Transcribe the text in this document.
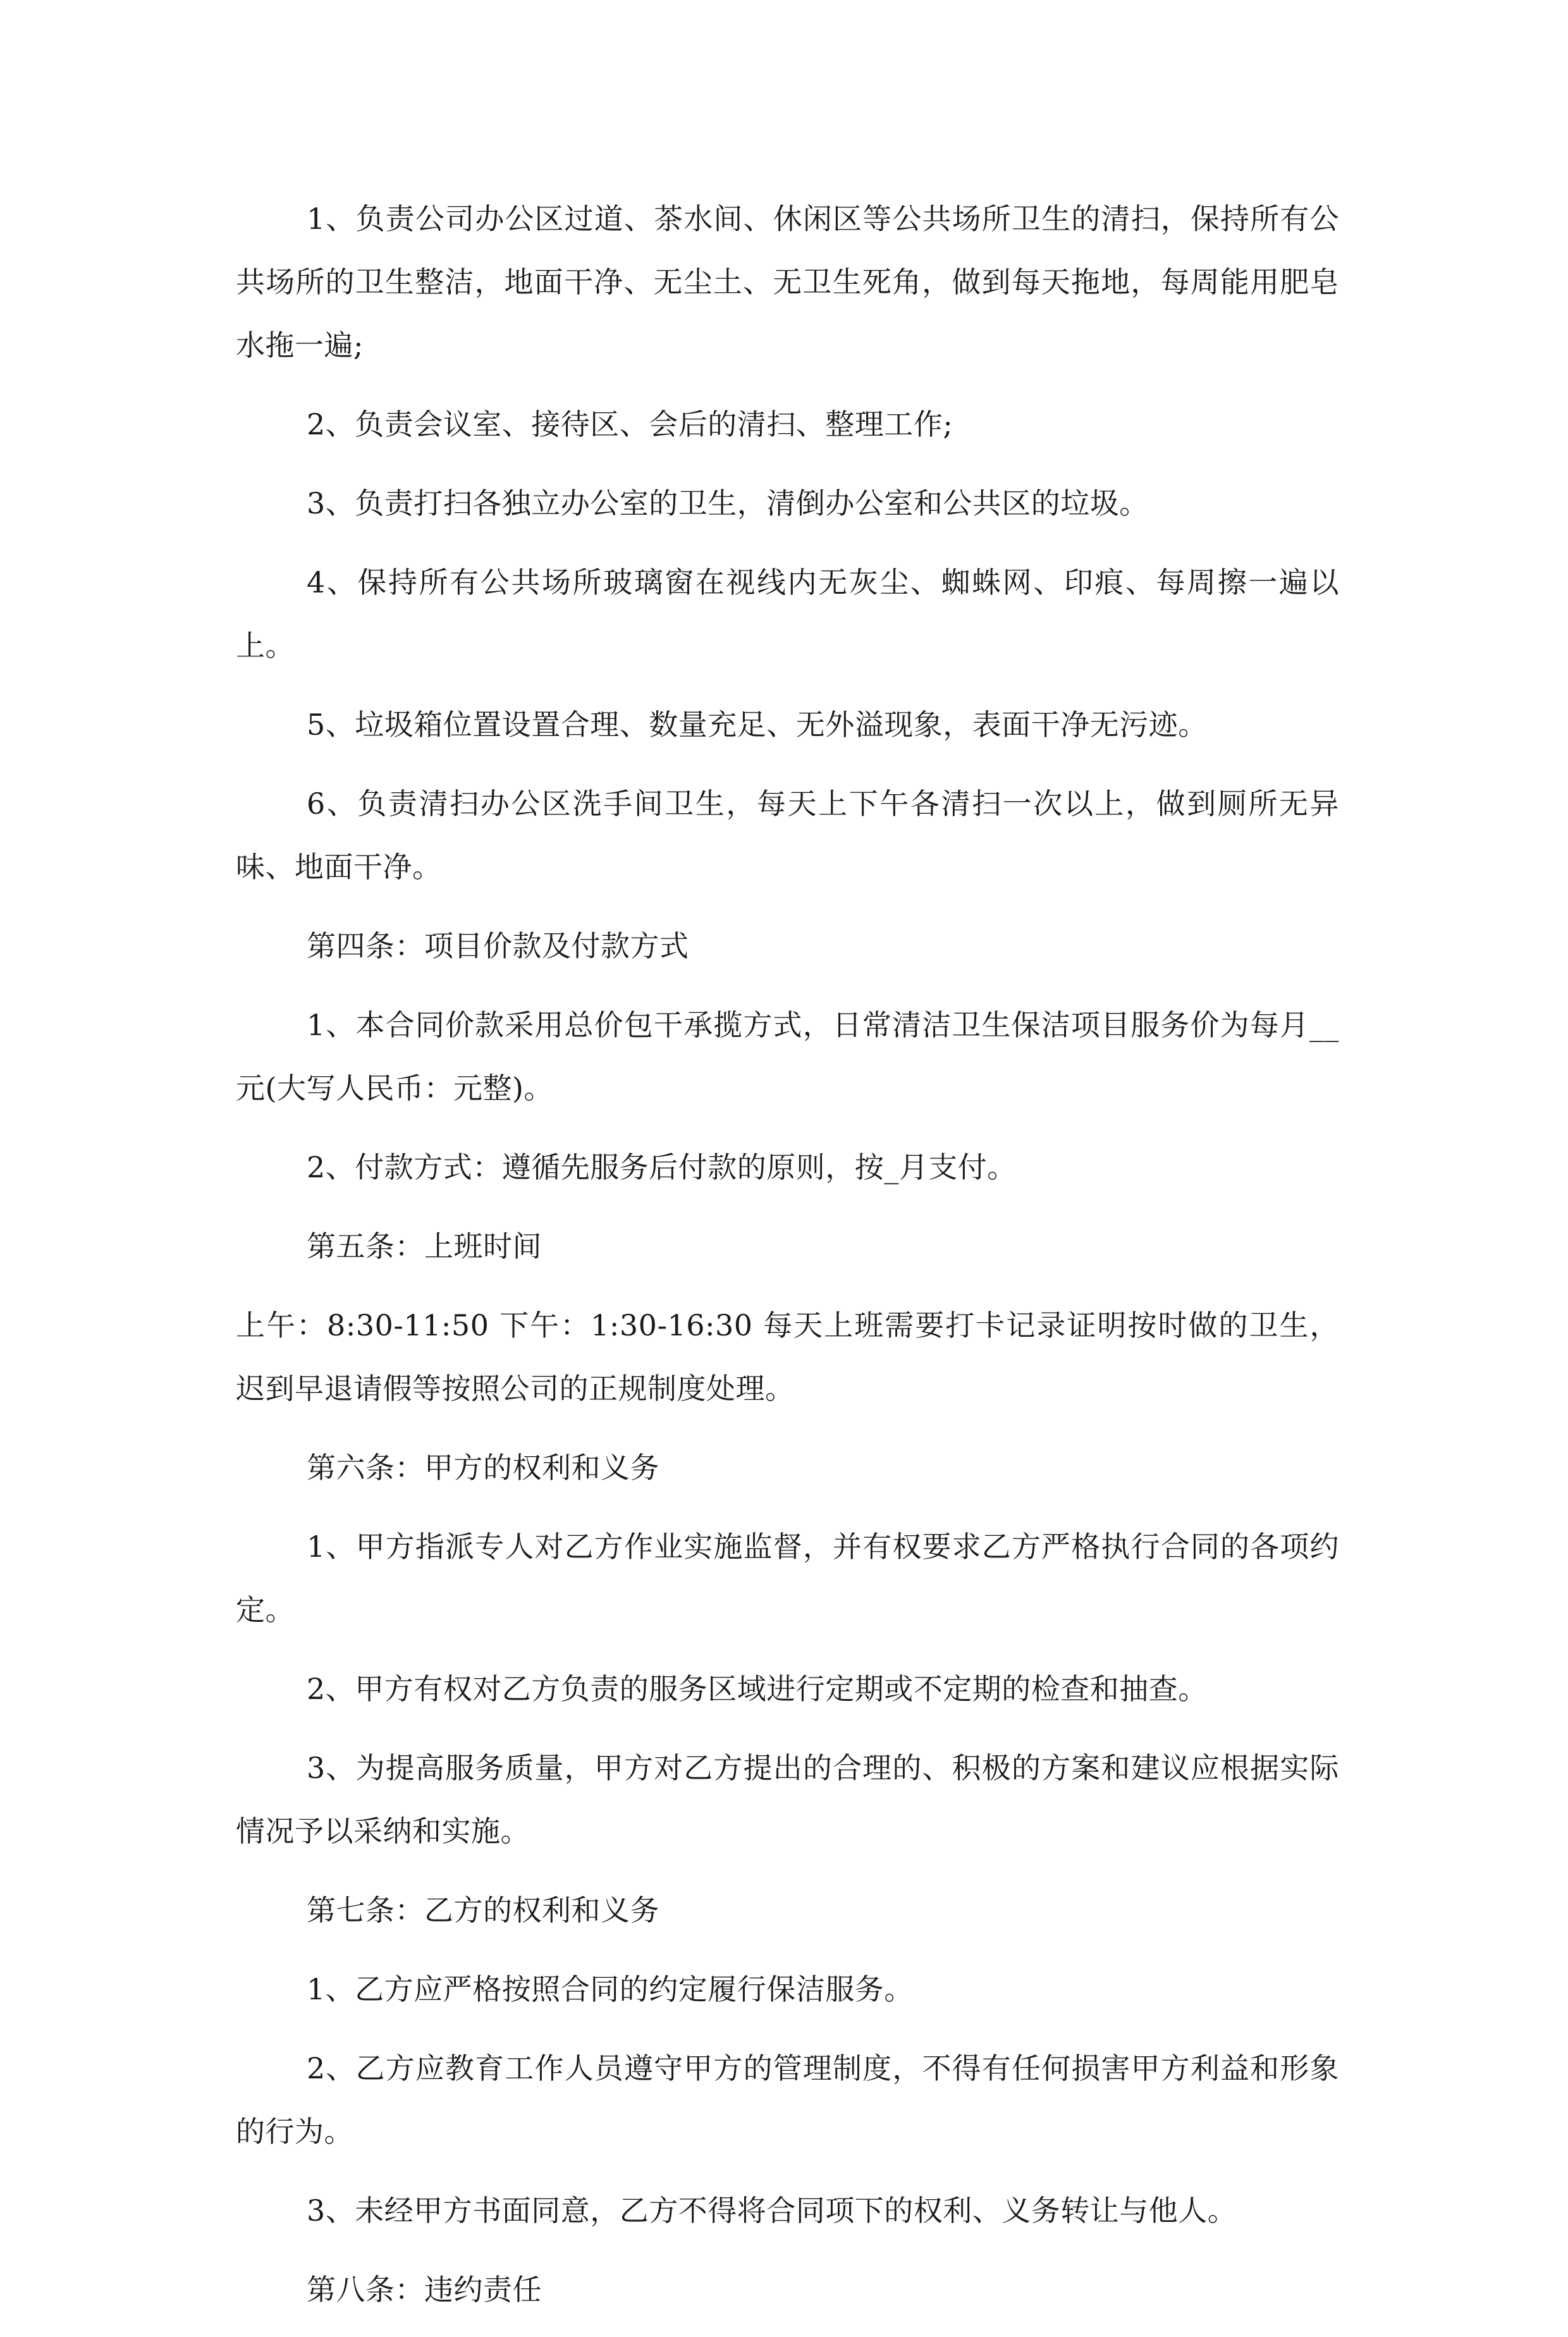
1、负责公司办公区过道、茶水间、休闲区等公共场所卫生的清扫，保持所有公共场所的卫生整洁，地面干净、无尘土、无卫生死角，做到每天拖地，每周能用肥皂水拖一遍;

2、负责会议室、接待区、会后的清扫、整理工作;

3、负责打扫各独立办公室的卫生，清倒办公室和公共区的垃圾。

4、保持所有公共场所玻璃窗在视线内无灰尘、蜘蛛网、印痕、每周擦一遍以上。

5、垃圾箱位置设置合理、数量充足、无外溢现象，表面干净无污迹。

6、负责清扫办公区洗手间卫生，每天上下午各清扫一次以上，做到厕所无异味、地面干净。

第四条：项目价款及付款方式

1、本合同价款采用总价包干承揽方式，日常清洁卫生保洁项目服务价为每月__元(大写人民币：元整)。

2、付款方式：遵循先服务后付款的原则，按_月支付。

第五条：上班时间

上午：8:30-11:50 下午：1:30-16:30 每天上班需要打卡记录证明按时做的卫生，迟到早退请假等按照公司的正规制度处理。

第六条：甲方的权利和义务

1、甲方指派专人对乙方作业实施监督，并有权要求乙方严格执行合同的各项约定。

2、甲方有权对乙方负责的服务区域进行定期或不定期的检查和抽查。

3、为提高服务质量，甲方对乙方提出的合理的、积极的方案和建议应根据实际情况予以采纳和实施。

第七条：乙方的权利和义务

1、乙方应严格按照合同的约定履行保洁服务。

2、乙方应教育工作人员遵守甲方的管理制度，不得有任何损害甲方利益和形象的行为。

3、未经甲方书面同意，乙方不得将合同项下的权利、义务转让与他人。

第八条：违约责任
